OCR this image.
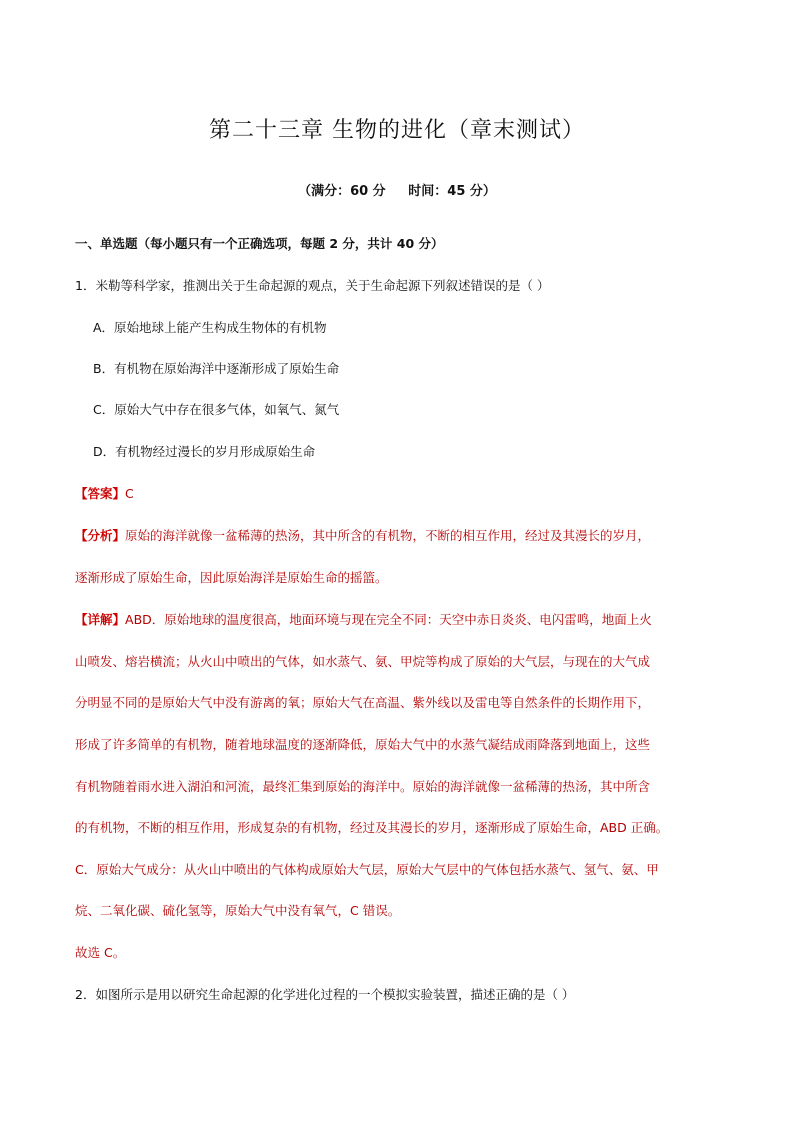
第二十三章 生物的进化（章末测试）
（满分：60 分     时间：45 分）
一、单选题（每小题只有一个正确选项，每题 2 分，共计 40 分）
1．米勒等科学家，推测出关于生命起源的观点，关于生命起源下列叙述错误的是（ ）
A．原始地球上能产生构成生物体的有机物
B．有机物在原始海洋中逐渐形成了原始生命
C．原始大气中存在很多气体，如氧气、氮气
D．有机物经过漫长的岁月形成原始生命
【答案】C
【分析】原始的海洋就像一盆稀薄的热汤，其中所含的有机物，不断的相互作用，经过及其漫长的岁月，
逐渐形成了原始生命，因此原始海洋是原始生命的摇篮。
【详解】ABD．原始地球的温度很高，地面环境与现在完全不同：天空中赤日炎炎、电闪雷鸣，地面上火
山喷发、熔岩横流；从火山中喷出的气体，如水蒸气、氨、甲烷等构成了原始的大气层，与现在的大气成
分明显不同的是原始大气中没有游离的氧；原始大气在高温、紫外线以及雷电等自然条件的长期作用下，
形成了许多简单的有机物，随着地球温度的逐渐降低，原始大气中的水蒸气凝结成雨降落到地面上，这些
有机物随着雨水进入湖泊和河流，最终汇集到原始的海洋中。原始的海洋就像一盆稀薄的热汤，其中所含
的有机物，不断的相互作用，形成复杂的有机物，经过及其漫长的岁月，逐渐形成了原始生命，ABD 正确。
C．原始大气成分：从火山中喷出的气体构成原始大气层，原始大气层中的气体包括水蒸气、氢气、氨、甲
烷、二氧化碳、硫化氢等，原始大气中没有氧气，C 错误。
故选 C。
2．如图所示是用以研究生命起源的化学进化过程的一个模拟实验装置，描述正确的是（ ）
